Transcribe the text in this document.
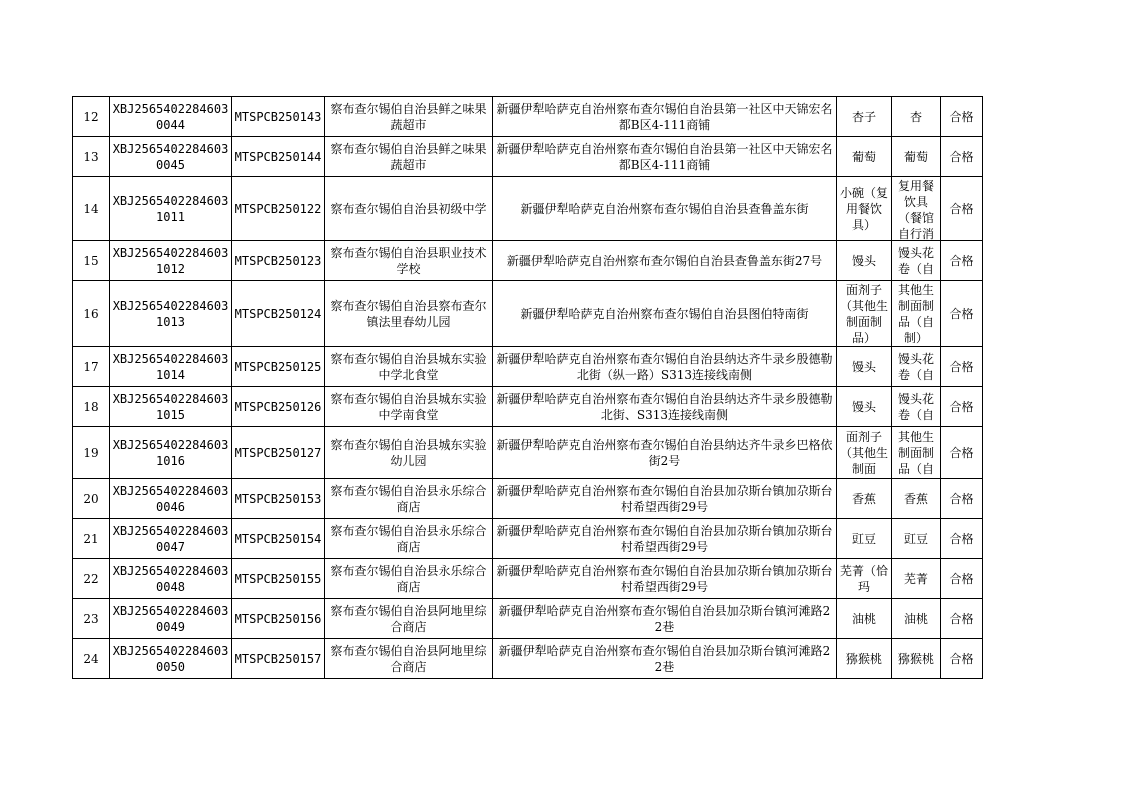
12	XBJ25654022846030044	MTSPCB250143	察布查尔锡伯自治县鲜之味果蔬超市	新疆伊犁哈萨克自治州察布查尔锡伯自治县第一社区中天锦宏名都B区4-111商铺	杏子	杏	合格

13	XBJ25654022846030045	MTSPCB250144	察布查尔锡伯自治县鲜之味果蔬超市	新疆伊犁哈萨克自治州察布查尔锡伯自治县第一社区中天锦宏名都B区4-111商铺	葡萄	葡萄	合格

14	XBJ25654022846031011	MTSPCB250122	察布查尔锡伯自治县初级中学	新疆伊犁哈萨克自治州察布查尔锡伯自治县查鲁盖东街	小碗（复用餐饮具）	复用餐饮具（餐馆自行消	合格

15	XBJ25654022846031012	MTSPCB250123	察布查尔锡伯自治县职业技术学校	新疆伊犁哈萨克自治州察布查尔锡伯自治县查鲁盖东街27号	馒头	馒头花卷（自	合格

16	XBJ25654022846031013	MTSPCB250124	察布查尔锡伯自治县察布查尔镇法里春幼儿园	新疆伊犁哈萨克自治州察布查尔锡伯自治县图伯特南街	面剂子（其他生制面制品）	其他生制面制品（自制）	合格

17	XBJ25654022846031014	MTSPCB250125	察布查尔锡伯自治县城东实验中学北食堂	新疆伊犁哈萨克自治州察布查尔锡伯自治县纳达齐牛录乡殷德勒北街（纵一路）S313连接线南侧	馒头	馒头花卷（自	合格

18	XBJ25654022846031015	MTSPCB250126	察布查尔锡伯自治县城东实验中学南食堂	新疆伊犁哈萨克自治州察布查尔锡伯自治县纳达齐牛录乡殷德勒北街、S313连接线南侧	馒头	馒头花卷（自	合格

19	XBJ25654022846031016	MTSPCB250127	察布查尔锡伯自治县城东实验幼儿园	新疆伊犁哈萨克自治州察布查尔锡伯自治县纳达齐牛录乡巴格依街2号	面剂子（其他生制面	其他生制面制品（自	合格

20	XBJ25654022846030046	MTSPCB250153	察布查尔锡伯自治县永乐综合商店	新疆伊犁哈萨克自治州察布查尔锡伯自治县加尕斯台镇加尕斯台村希望西街29号	香蕉	香蕉	合格

21	XBJ25654022846030047	MTSPCB250154	察布查尔锡伯自治县永乐综合商店	新疆伊犁哈萨克自治州察布查尔锡伯自治县加尕斯台镇加尕斯台村希望西街29号	豇豆	豇豆	合格

22	XBJ25654022846030048	MTSPCB250155	察布查尔锡伯自治县永乐综合商店	新疆伊犁哈萨克自治州察布查尔锡伯自治县加尕斯台镇加尕斯台村希望西街29号	芜菁（恰玛	芜菁	合格

23	XBJ25654022846030049	MTSPCB250156	察布查尔锡伯自治县阿地里综合商店	新疆伊犁哈萨克自治州察布查尔锡伯自治县加尕斯台镇河滩路22巷	油桃	油桃	合格

24	XBJ25654022846030050	MTSPCB250157	察布查尔锡伯自治县阿地里综合商店	新疆伊犁哈萨克自治州察布查尔锡伯自治县加尕斯台镇河滩路22巷	猕猴桃	猕猴桃	合格
